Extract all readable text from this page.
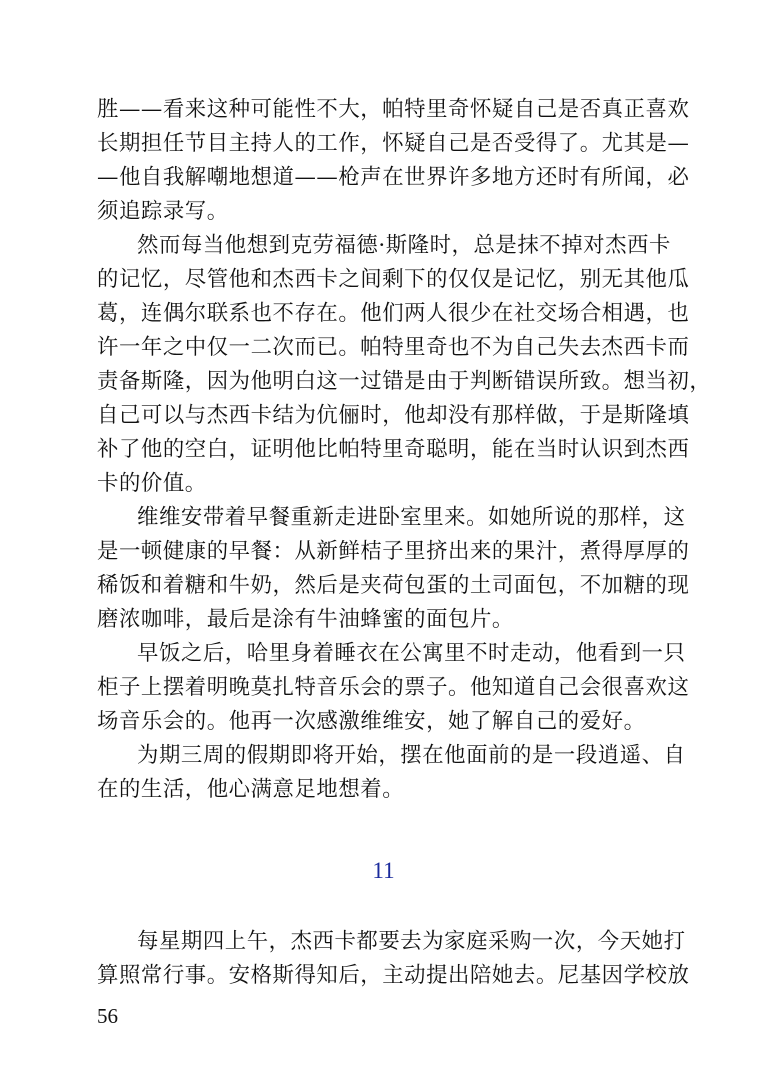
胜——看来这种可能性不大，帕特里奇怀疑自己是否真正喜欢
长期担任节目主持人的工作，怀疑自己是否受得了。尤其是—
—他自我解嘲地想道——枪声在世界许多地方还时有所闻，必
须追踪录写。
然而每当他想到克劳福德·斯隆时，总是抹不掉对杰西卡
的记忆，尽管他和杰西卡之间剩下的仅仅是记忆，别无其他瓜
葛，连偶尔联系也不存在。他们两人很少在社交场合相遇，也
许一年之中仅一二次而已。帕特里奇也不为自己失去杰西卡而
责备斯隆，因为他明白这一过错是由于判断错误所致。想当初，
自己可以与杰西卡结为伉俪时，他却没有那样做，于是斯隆填
补了他的空白，证明他比帕特里奇聪明，能在当时认识到杰西
卡的价值。
维维安带着早餐重新走进卧室里来。如她所说的那样，这
是一顿健康的早餐：从新鲜桔子里挤出来的果汁，煮得厚厚的
稀饭和着糖和牛奶，然后是夹荷包蛋的土司面包，不加糖的现
磨浓咖啡，最后是涂有牛油蜂蜜的面包片。
早饭之后，哈里身着睡衣在公寓里不时走动，他看到一只
柜子上摆着明晚莫扎特音乐会的票子。他知道自己会很喜欢这
场音乐会的。他再一次感激维维安，她了解自己的爱好。
为期三周的假期即将开始，摆在他面前的是一段逍遥、自
在的生活，他心满意足地想着。
11
每星期四上午，杰西卡都要去为家庭采购一次，今天她打
算照常行事。安格斯得知后，主动提出陪她去。尼基因学校放
56
